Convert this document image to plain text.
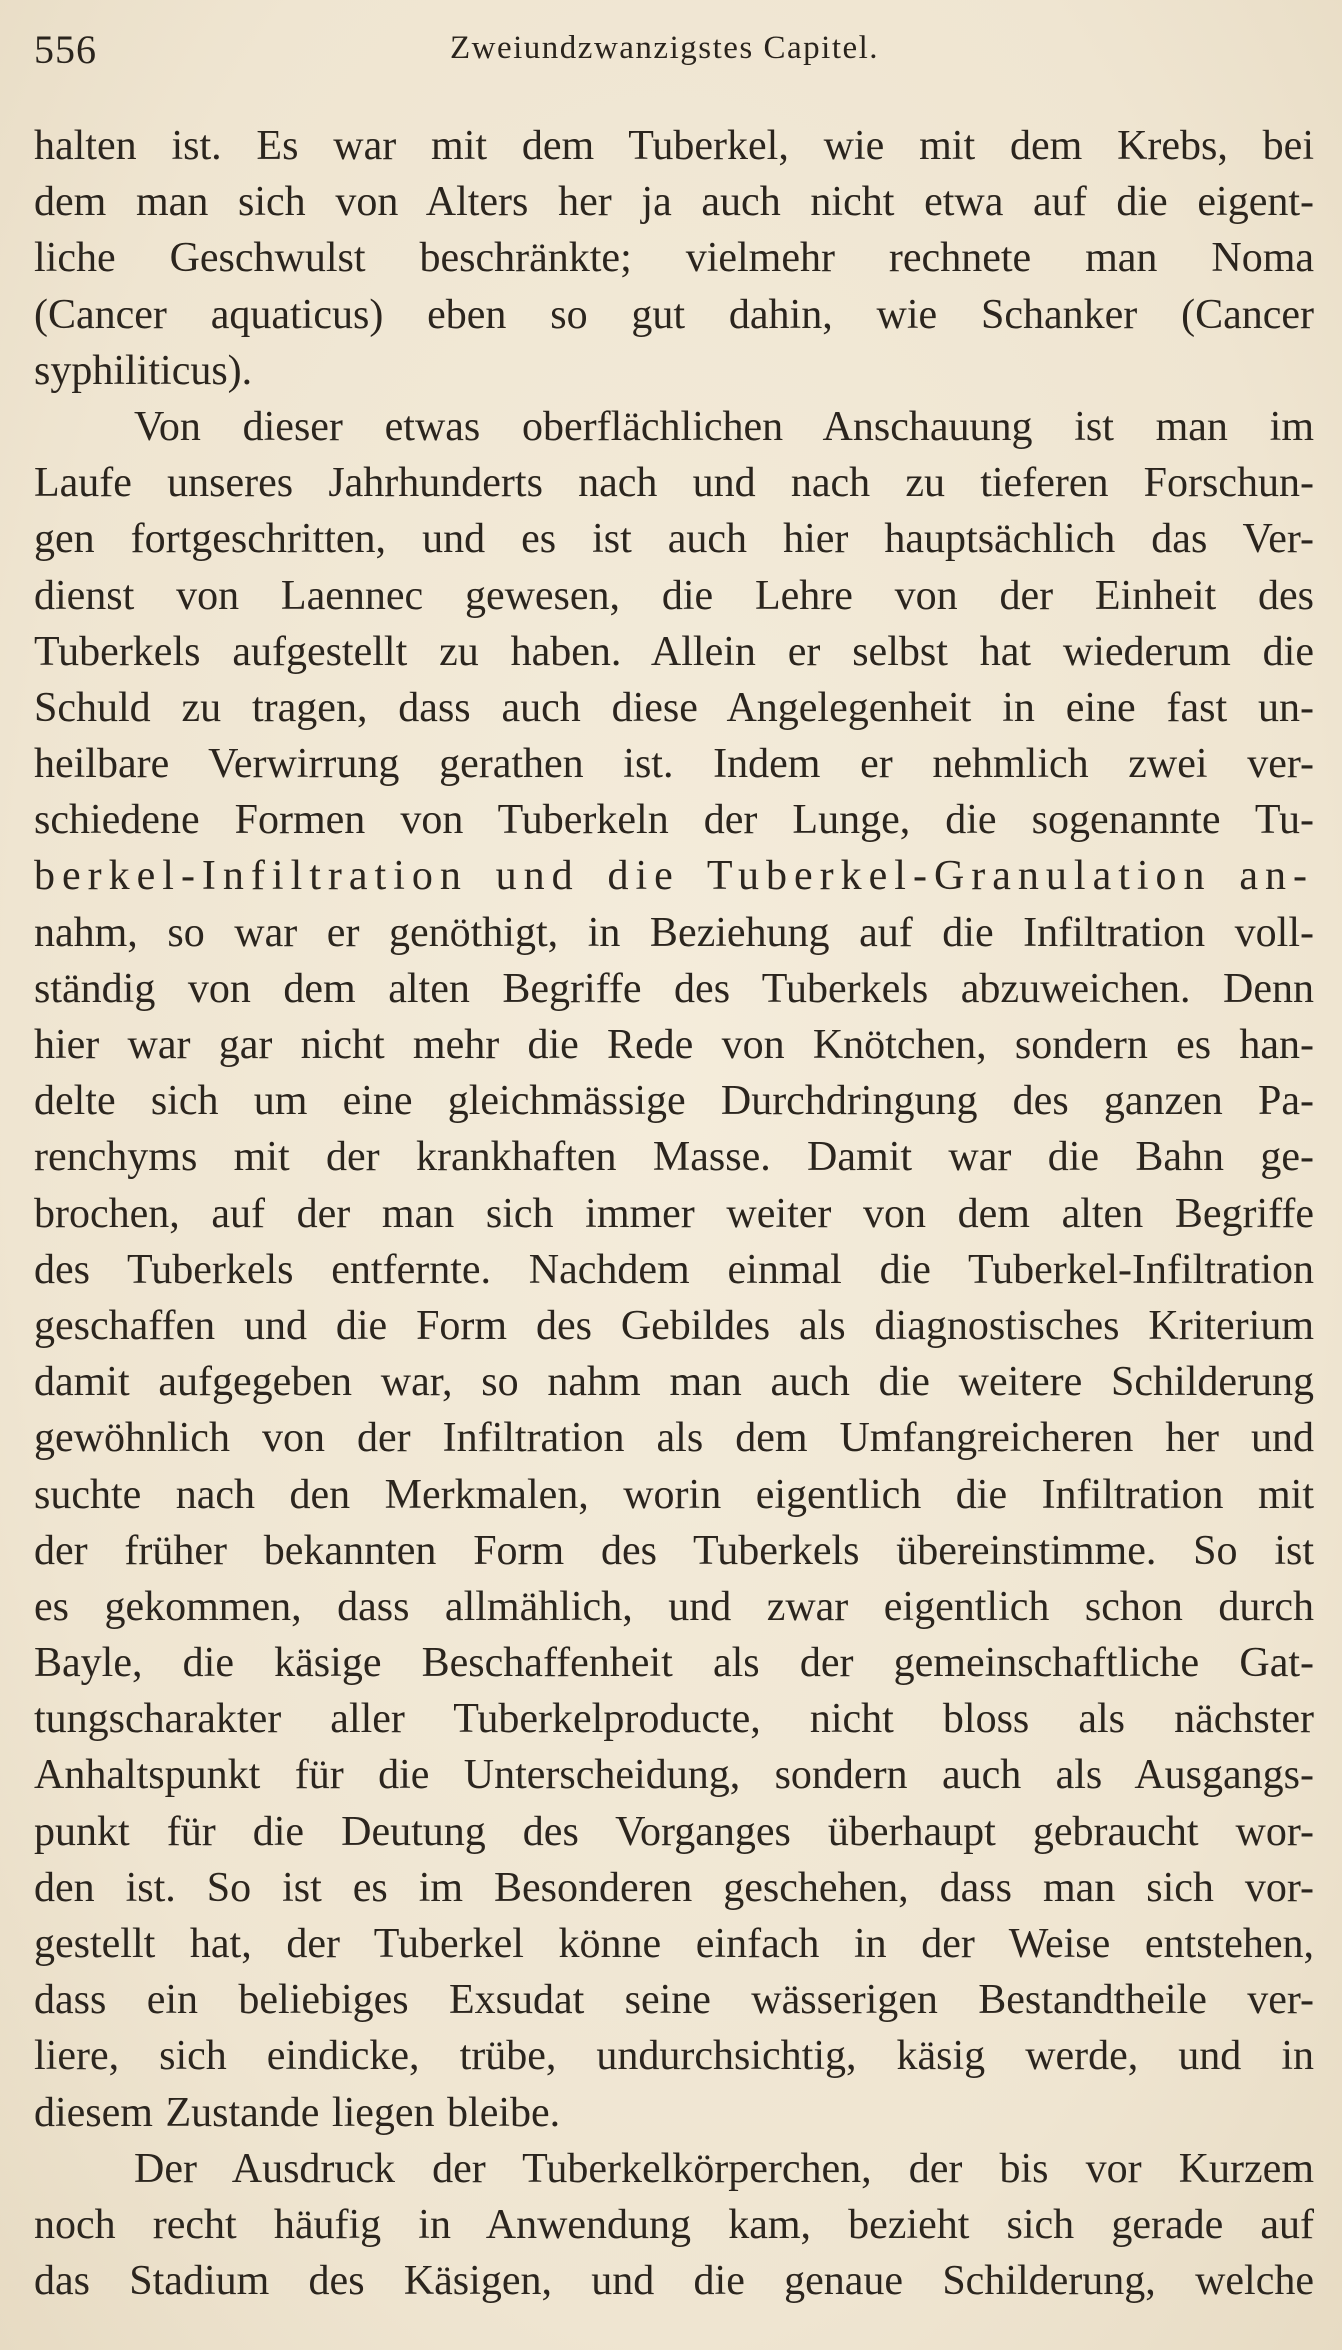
556	Zweiundzwanzigstes Capitel.
halten ist. Es war mit dem Tuberkel, wie mit dem Krebs, bei
dem man sich von Alters her ja auch nicht etwa auf die eigent-
liche Geschwulst beschränkte; vielmehr rechnete man Noma
(Cancer aquaticus) eben so gut dahin, wie Schanker (Cancer
syphiliticus).
Von dieser etwas oberflächlichen Anschauung ist man im
Laufe unseres Jahrhunderts nach und nach zu tieferen Forschun-
gen fortgeschritten, und es ist auch hier hauptsächlich das Ver-
dienst von Laennec gewesen, die Lehre von der Einheit des
Tuberkels aufgestellt zu haben. Allein er selbst hat wiederum die
Schuld zu tragen, dass auch diese Angelegenheit in eine fast un-
heilbare Verwirrung gerathen ist. Indem er nehmlich zwei ver-
schiedene Formen von Tuberkeln der Lunge, die sogenannte Tu-
berkel-Infiltration und die Tuberkel-Granulation an-
nahm, so war er genöthigt, in Beziehung auf die Infiltration voll-
ständig von dem alten Begriffe des Tuberkels abzuweichen. Denn
hier war gar nicht mehr die Rede von Knötchen, sondern es han-
delte sich um eine gleichmässige Durchdringung des ganzen Pa-
renchyms mit der krankhaften Masse. Damit war die Bahn ge-
brochen, auf der man sich immer weiter von dem alten Begriffe
des Tuberkels entfernte. Nachdem einmal die Tuberkel-Infiltration
geschaffen und die Form des Gebildes als diagnostisches Kriterium
damit aufgegeben war, so nahm man auch die weitere Schilderung
gewöhnlich von der Infiltration als dem Umfangreicheren her und
suchte nach den Merkmalen, worin eigentlich die Infiltration mit
der früher bekannten Form des Tuberkels übereinstimme. So ist
es gekommen, dass allmählich, und zwar eigentlich schon durch
Bayle, die käsige Beschaffenheit als der gemeinschaftliche Gat-
tungscharakter aller Tuberkelproducte, nicht bloss als nächster
Anhaltspunkt für die Unterscheidung, sondern auch als Ausgangs-
punkt für die Deutung des Vorganges überhaupt gebraucht wor-
den ist. So ist es im Besonderen geschehen, dass man sich vor-
gestellt hat, der Tuberkel könne einfach in der Weise entstehen,
dass ein beliebiges Exsudat seine wässerigen Bestandtheile ver-
liere, sich eindicke, trübe, undurchsichtig, käsig werde, und in
diesem Zustande liegen bleibe.
Der Ausdruck der Tuberkelkörperchen, der bis vor Kurzem
noch recht häufig in Anwendung kam, bezieht sich gerade auf
das Stadium des Käsigen, und die genaue Schilderung, welche
